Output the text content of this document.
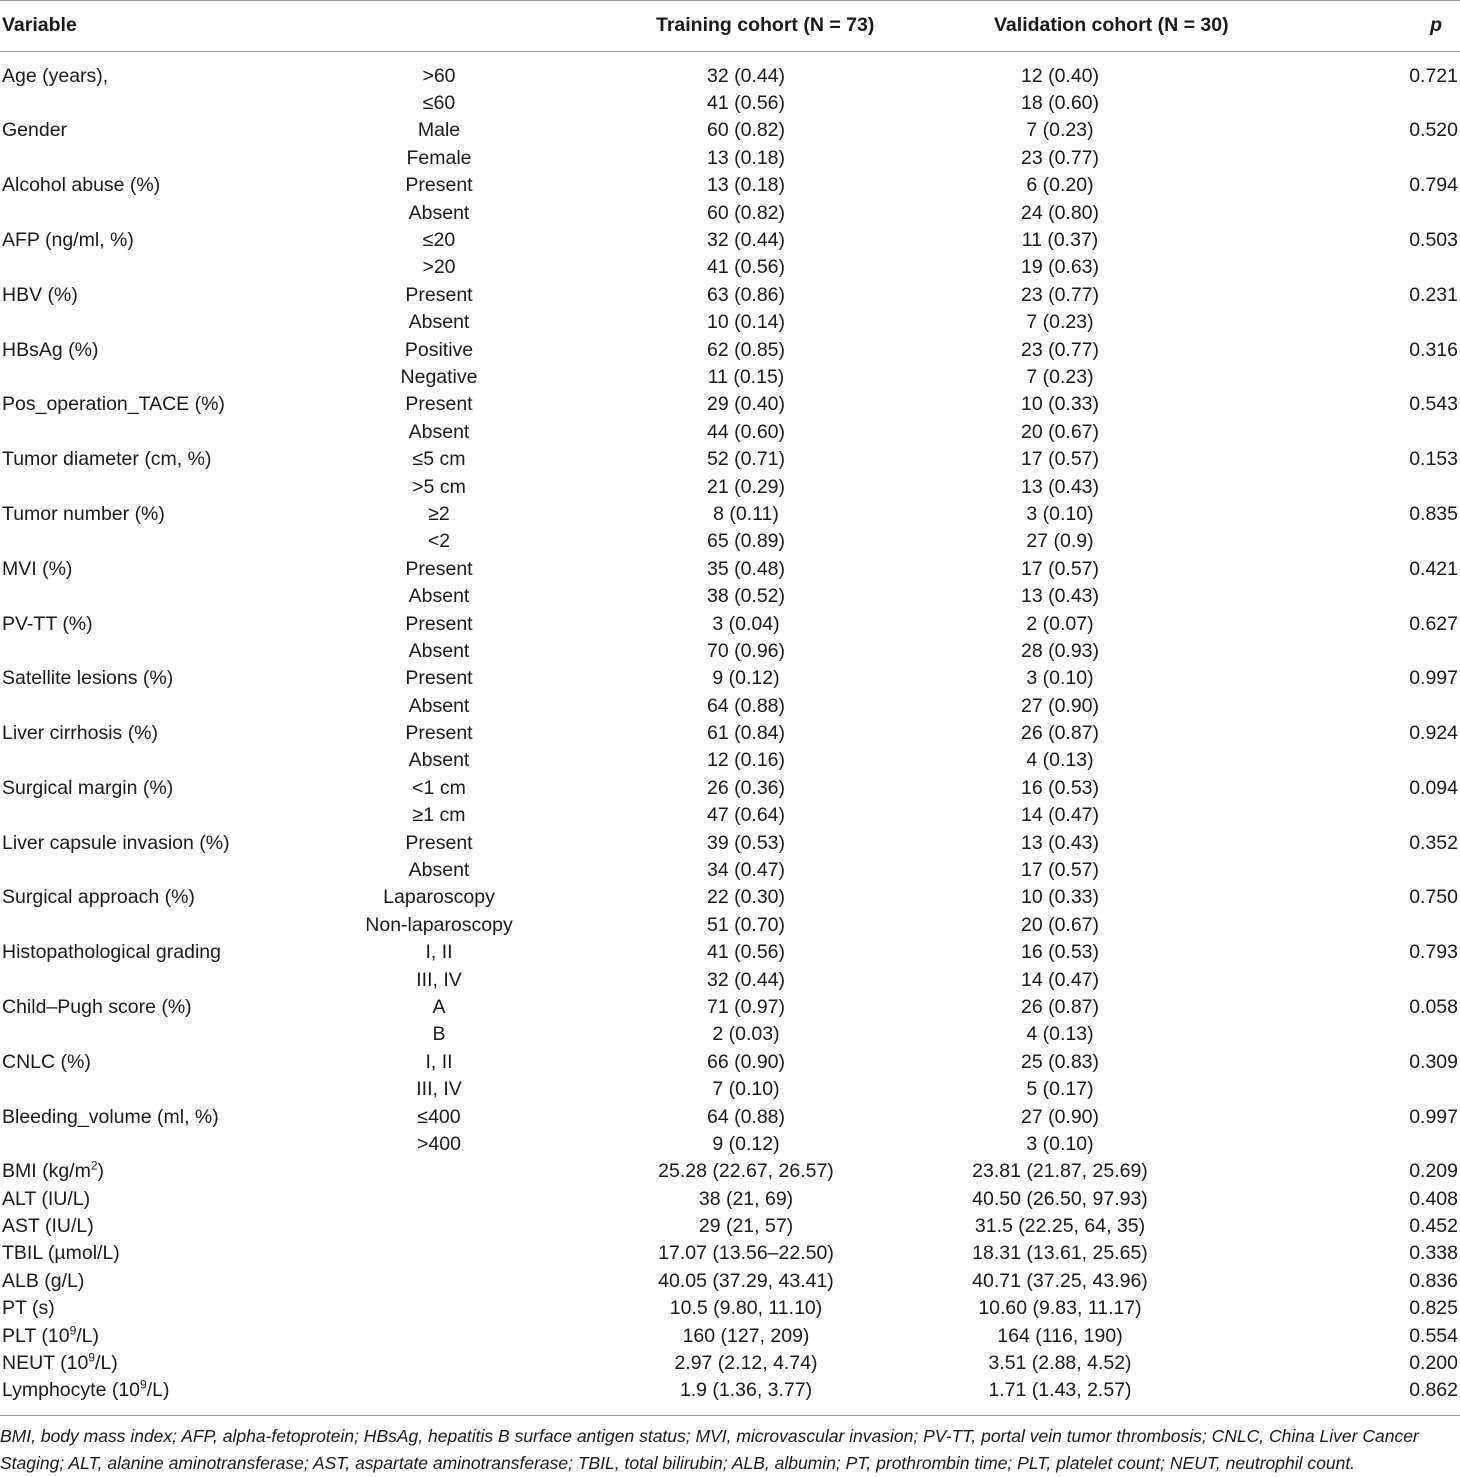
Variable		Training cohort (N = 73)	Validation cohort (N = 30)	p
Age (years),	>60	32 (0.44)	12 (0.40)	0.721
	≤60	41 (0.56)	18 (0.60)	
Gender	Male	60 (0.82)	7 (0.23)	0.520
	Female	13 (0.18)	23 (0.77)	
Alcohol abuse (%)	Present	13 (0.18)	6 (0.20)	0.794
	Absent	60 (0.82)	24 (0.80)	
AFP (ng/ml, %)	≤20	32 (0.44)	11 (0.37)	0.503
	>20	41 (0.56)	19 (0.63)	
HBV (%)	Present	63 (0.86)	23 (0.77)	0.231
	Absent	10 (0.14)	7 (0.23)	
HBsAg (%)	Positive	62 (0.85)	23 (0.77)	0.316
	Negative	11 (0.15)	7 (0.23)	
Pos_operation_TACE (%)	Present	29 (0.40)	10 (0.33)	0.543
	Absent	44 (0.60)	20 (0.67)	
Tumor diameter (cm, %)	≤5 cm	52 (0.71)	17 (0.57)	0.153
	>5 cm	21 (0.29)	13 (0.43)	
Tumor number (%)	≥2	8 (0.11)	3 (0.10)	0.835
	<2	65 (0.89)	27 (0.9)	
MVI (%)	Present	35 (0.48)	17 (0.57)	0.421
	Absent	38 (0.52)	13 (0.43)	
PV-TT (%)	Present	3 (0.04)	2 (0.07)	0.627
	Absent	70 (0.96)	28 (0.93)	
Satellite lesions (%)	Present	9 (0.12)	3 (0.10)	0.997
	Absent	64 (0.88)	27 (0.90)	
Liver cirrhosis (%)	Present	61 (0.84)	26 (0.87)	0.924
	Absent	12 (0.16)	4 (0.13)	
Surgical margin (%)	<1 cm	26 (0.36)	16 (0.53)	0.094
	≥1 cm	47 (0.64)	14 (0.47)	
Liver capsule invasion (%)	Present	39 (0.53)	13 (0.43)	0.352
	Absent	34 (0.47)	17 (0.57)	
Surgical approach (%)	Laparoscopy	22 (0.30)	10 (0.33)	0.750
	Non-laparoscopy	51 (0.70)	20 (0.67)	
Histopathological grading	I, II	41 (0.56)	16 (0.53)	0.793
	III, IV	32 (0.44)	14 (0.47)	
Child–Pugh score (%)	A	71 (0.97)	26 (0.87)	0.058
	B	2 (0.03)	4 (0.13)	
CNLC (%)	I, II	66 (0.90)	25 (0.83)	0.309
	III, IV	7 (0.10)	5 (0.17)	
Bleeding_volume (ml, %)	≤400	64 (0.88)	27 (0.90)	0.997
	>400	9 (0.12)	3 (0.10)	
BMI $(kg/m^2)$		25.28 (22.67, 26.57)	23.81 (21.87, 25.69)	0.209
ALT (IU/L)		38 (21, 69)	40.50 (26.50, 97.93)	0.408
AST (IU/L)		29 (21, 57)	31.5 (22.25, 64, 35)	0.452
TBIL (µmol/L)		17.07 (13.56–22.50)	18.31 (13.61, 25.65)	0.338
ALB (g/L)		40.05 (37.29, 43.41)	40.71 (37.25, 43.96)	0.836
PT (s)		10.5 (9.80, 11.10)	10.60 (9.83, 11.17)	0.825
PLT $(10^9/L)$		160 (127, 209)	164 (116, 190)	0.554
NEUT $(10^9/L)$		2.97 (2.12, 4.74)	3.51 (2.88, 4.52)	0.200
Lymphocyte $(10^9/L)$		1.9 (1.36, 3.77)	1.71 (1.43, 2.57)	0.862
BMI, body mass index; AFP, alpha-fetoprotein; HBsAg, hepatitis B surface antigen status; MVI, microvascular invasion; PV-TT, portal vein tumor thrombosis; CNLC, China Liver Cancer Staging; ALT, alanine aminotransferase; AST, aspartate aminotransferase; TBIL, total bilirubin; ALB, albumin; PT, prothrombin time; PLT, platelet count; NEUT, neutrophil count.
